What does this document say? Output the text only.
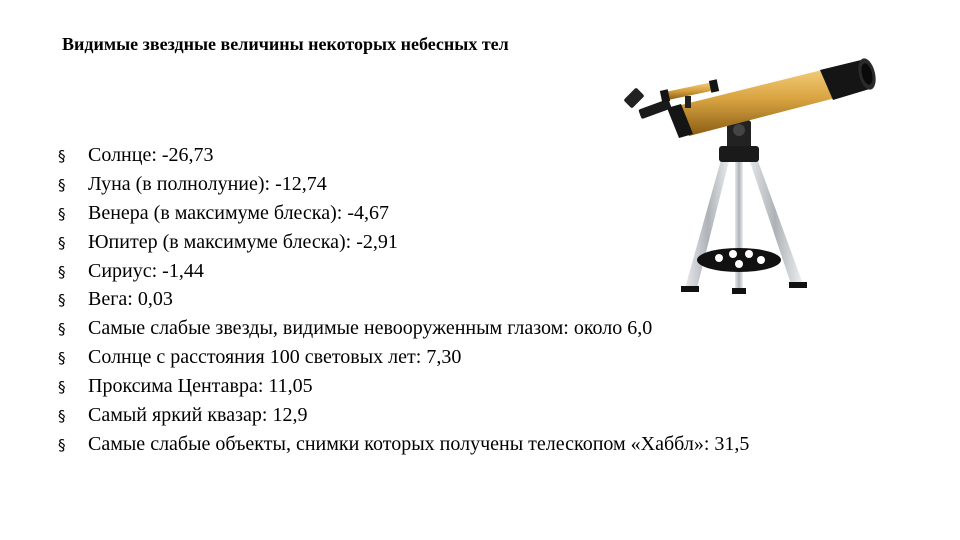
Видимые звездные величины некоторых небесных тел
§	Солнце: -26,73
§	Луна (в полнолуние): -12,74
§	Венера (в максимуме блеска): -4,67
§	Юпитер (в максимуме блеска): -2,91
§	Сириус: -1,44
§	Вега: 0,03
§	Самые слабые звезды, видимые невооруженным глазом: около 6,0
§	Солнце с расстояния 100 световых лет: 7,30
§	Проксима Центавра: 11,05
§	Самый яркий квазар: 12,9
§	Самые слабые объекты, снимки которых получены телескопом «Хаббл»: 31,5
